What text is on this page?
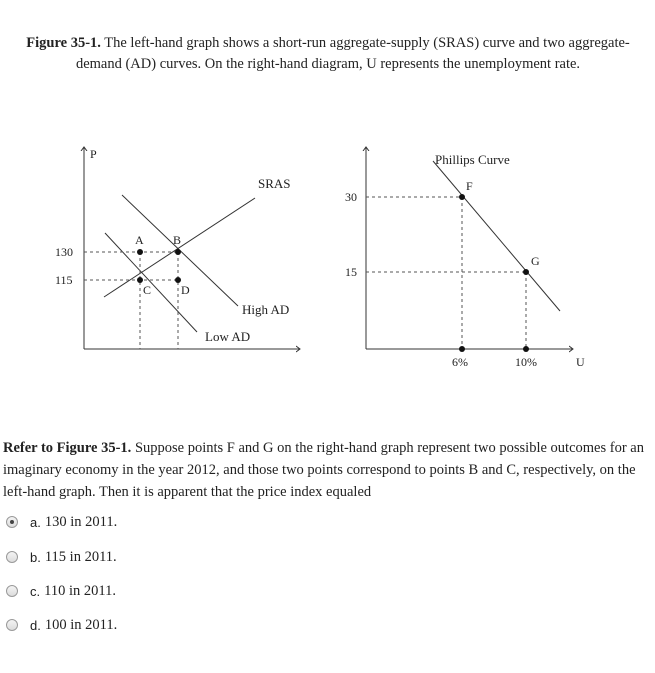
Figure 35-1. The left-hand graph shows a short-run aggregate-supply (SRAS) curve and two aggregate-demand (AD) curves. On the right-hand diagram, U represents the unemployment rate.
P
130
115
SRAS
High AD
Low AD
A B
C D
Phillips Curve
F
G
30
15
6%	10%	U
Refer to Figure 35-1. Suppose points F and G on the right-hand graph represent two possible outcomes for an imaginary economy in the year 2012, and those two points correspond to points B and C, respectively, on the left-hand graph. Then it is apparent that the price index equaled
a. 130 in 2011.
b. 115 in 2011.
c. 110 in 2011.
d. 100 in 2011.
